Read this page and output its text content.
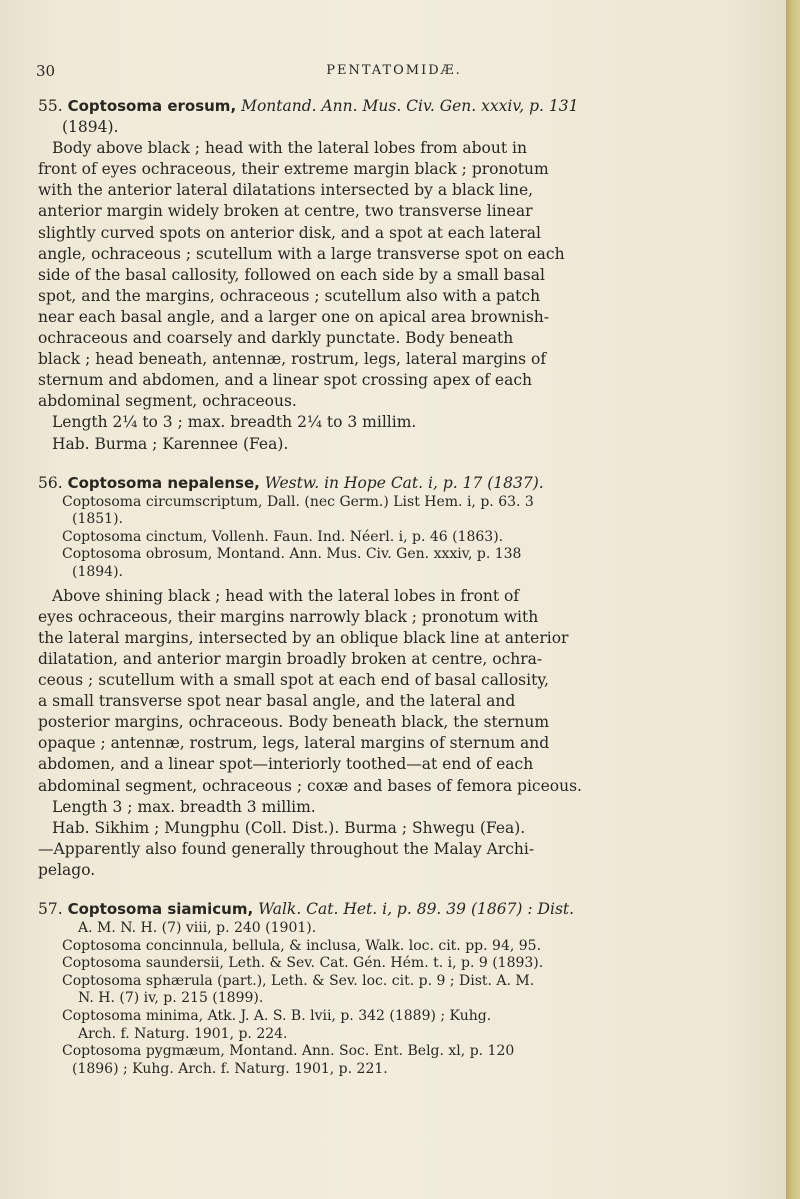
30	PENTATOMIDÆ.
55. Coptosoma erosum, Montand. Ann. Mus. Civ. Gen. xxxiv, p. 131
(1894).
Body above black ; head with the lateral lobes from about in
front of eyes ochraceous, their extreme margin black ; pronotum
with the anterior lateral dilatations intersected by a black line,
anterior margin widely broken at centre, two transverse linear
slightly curved spots on anterior disk, and a spot at each lateral
angle, ochraceous ; scutellum with a large transverse spot on each
side of the basal callosity, followed on each side by a small basal
spot, and the margins, ochraceous ; scutellum also with a patch
near each basal angle, and a larger one on apical area brownish-
ochraceous and coarsely and darkly punctate. Body beneath
black ; head beneath, antennæ, rostrum, legs, lateral margins of
sternum and abdomen, and a linear spot crossing apex of each
abdominal segment, ochraceous.
Length 2¼ to 3 ; max. breadth 2¼ to 3 millim.
Hab. Burma ; Karennee (Fea).
56. Coptosoma nepalense, Westw. in Hope Cat. i, p. 17 (1837).
Coptosoma circumscriptum, Dall. (nec Germ.) List Hem. i, p. 63. 3
(1851).
Coptosoma cinctum, Vollenh. Faun. Ind. Néerl. i, p. 46 (1863).
Coptosoma obrosum, Montand. Ann. Mus. Civ. Gen. xxxiv, p. 138
(1894).
Above shining black ; head with the lateral lobes in front of
eyes ochraceous, their margins narrowly black ; pronotum with
the lateral margins, intersected by an oblique black line at anterior
dilatation, and anterior margin broadly broken at centre, ochra-
ceous ; scutellum with a small spot at each end of basal callosity,
a small transverse spot near basal angle, and the lateral and
posterior margins, ochraceous. Body beneath black, the sternum
opaque ; antennæ, rostrum, legs, lateral margins of sternum and
abdomen, and a linear spot—interiorly toothed—at end of each
abdominal segment, ochraceous ; coxæ and bases of femora piceous.
Length 3 ; max. breadth 3 millim.
Hab. Sikhim ; Mungphu (Coll. Dist.). Burma ; Shwegu (Fea).
—Apparently also found generally throughout the Malay Archi-
pelago.
57. Coptosoma siamicum, Walk. Cat. Het. i, p. 89. 39 (1867) : Dist.
A. M. N. H. (7) viii, p. 240 (1901).
Coptosoma concinnula, bellula, & inclusa, Walk. loc. cit. pp. 94, 95.
Coptosoma saundersii, Leth. & Sev. Cat. Gén. Hém. t. i, p. 9 (1893).
Coptosoma sphærula (part.), Leth. & Sev. loc. cit. p. 9 ; Dist. A. M.
N. H. (7) iv, p. 215 (1899).
Coptosoma minima, Atk. J. A. S. B. lvii, p. 342 (1889) ; Kuhg.
Arch. f. Naturg. 1901, p. 224.
Coptosoma pygmæum, Montand. Ann. Soc. Ent. Belg. xl, p. 120
(1896) ; Kuhg. Arch. f. Naturg. 1901, p. 221.
